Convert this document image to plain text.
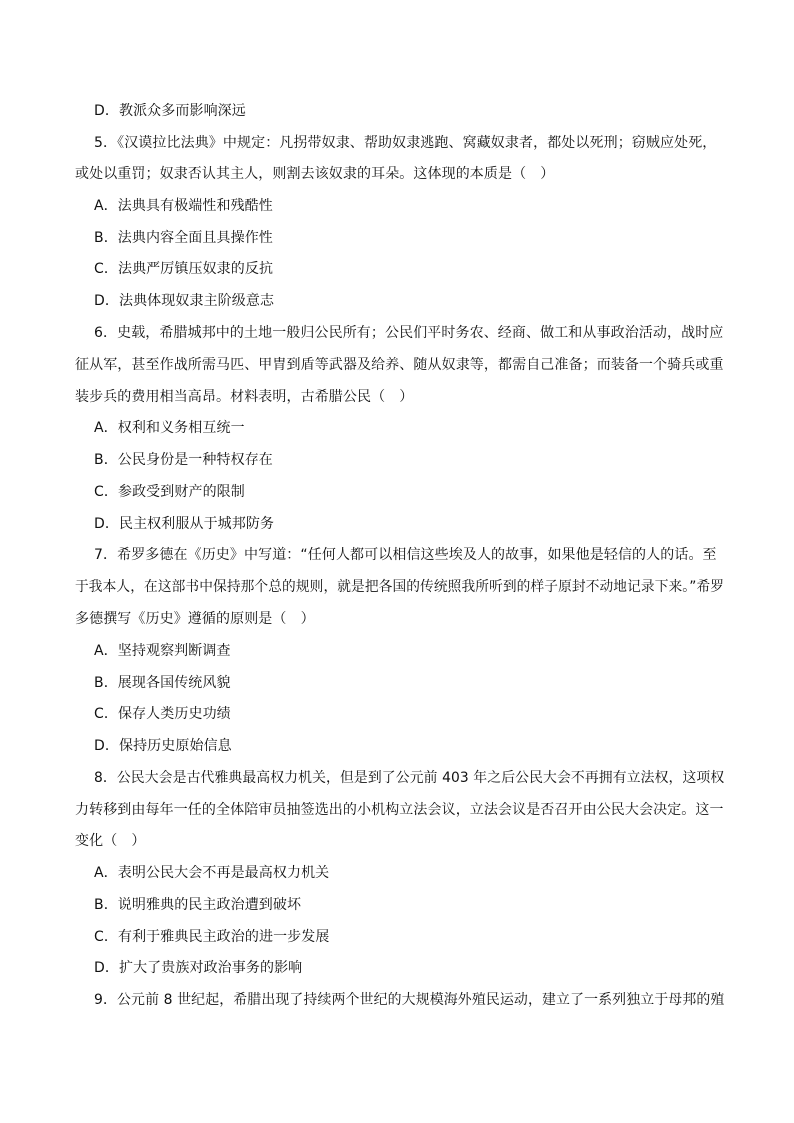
D．教派众多而影响深远
5．《汉谟拉比法典》中规定：凡拐带奴隶、帮助奴隶逃跑、窝藏奴隶者，都处以死刑；窃贼应处死，
或处以重罚；奴隶否认其主人，则割去该奴隶的耳朵。这体现的本质是（　）
A．法典具有极端性和残酷性
B．法典内容全面且具操作性
C．法典严厉镇压奴隶的反抗
D．法典体现奴隶主阶级意志
6．史载，希腊城邦中的土地一般归公民所有；公民们平时务农、经商、做工和从事政治活动，战时应
征从军，甚至作战所需马匹、甲胄到盾等武器及给养、随从奴隶等，都需自己准备；而装备一个骑兵或重
装步兵的费用相当高昂。材料表明，古希腊公民（　）
A．权利和义务相互统一
B．公民身份是一种特权存在
C．参政受到财产的限制
D．民主权利服从于城邦防务
7．希罗多德在《历史》中写道：“任何人都可以相信这些埃及人的故事，如果他是轻信的人的话。至
于我本人，在这部书中保持那个总的规则，就是把各国的传统照我所听到的样子原封不动地记录下来。”希罗
多德撰写《历史》遵循的原则是（　）
A．坚持观察判断调查
B．展现各国传统风貌
C．保存人类历史功绩
D．保持历史原始信息
8．公民大会是古代雅典最高权力机关，但是到了公元前 403 年之后公民大会不再拥有立法权，这项权
力转移到由每年一任的全体陪审员抽签选出的小机构立法会议，立法会议是否召开由公民大会决定。这一
变化（　）
A．表明公民大会不再是最高权力机关
B．说明雅典的民主政治遭到破坏
C．有利于雅典民主政治的进一步发展
D．扩大了贵族对政治事务的影响
9．公元前 8 世纪起，希腊出现了持续两个世纪的大规模海外殖民运动，建立了一系列独立于母邦的殖
